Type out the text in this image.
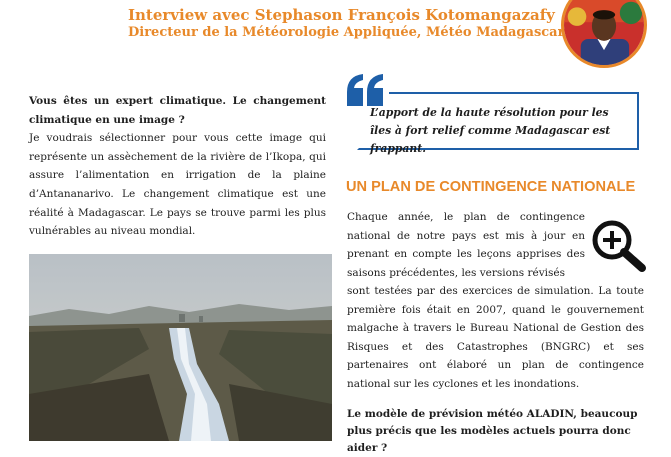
Interview avec Stephason François Kotomangazafy
Directeur de la Météorologie Appliquée, Météo Madagascar

Vous êtes un expert climatique. Le changement climatique en une image ?

Je voudrais sélectionner pour vous cette image qui représente un assèchement de la rivière de l’Ikopa, qui assure l’alimentation en irrigation de la plaine d’Antananarivo. Le changement climatique est une réalité à Madagascar. Le pays se trouve parmi les plus vulnérables au niveau mondial.

L’apport de la haute résolution pour les îles à fort relief comme Madagascar est frappant.
UN PLAN DE CONTINGENCE NATIONALE

Chaque année, le plan de contingence national de notre pays est mis à jour en prenant en compte les leçons apprises des saisons précédentes, les versions révisés
sont testées par des exercices de simulation. La toute première fois était en 2007, quand le gouvernement malgache à travers le Bureau National de Gestion des Risques et des Catastrophes (BNGRC) et ses partenaires ont élaboré un plan de contingence national sur les cyclones et les inondations.

Le modèle de prévision météo ALADIN, beaucoup plus précis que les modèles actuels pourra donc aider ?
